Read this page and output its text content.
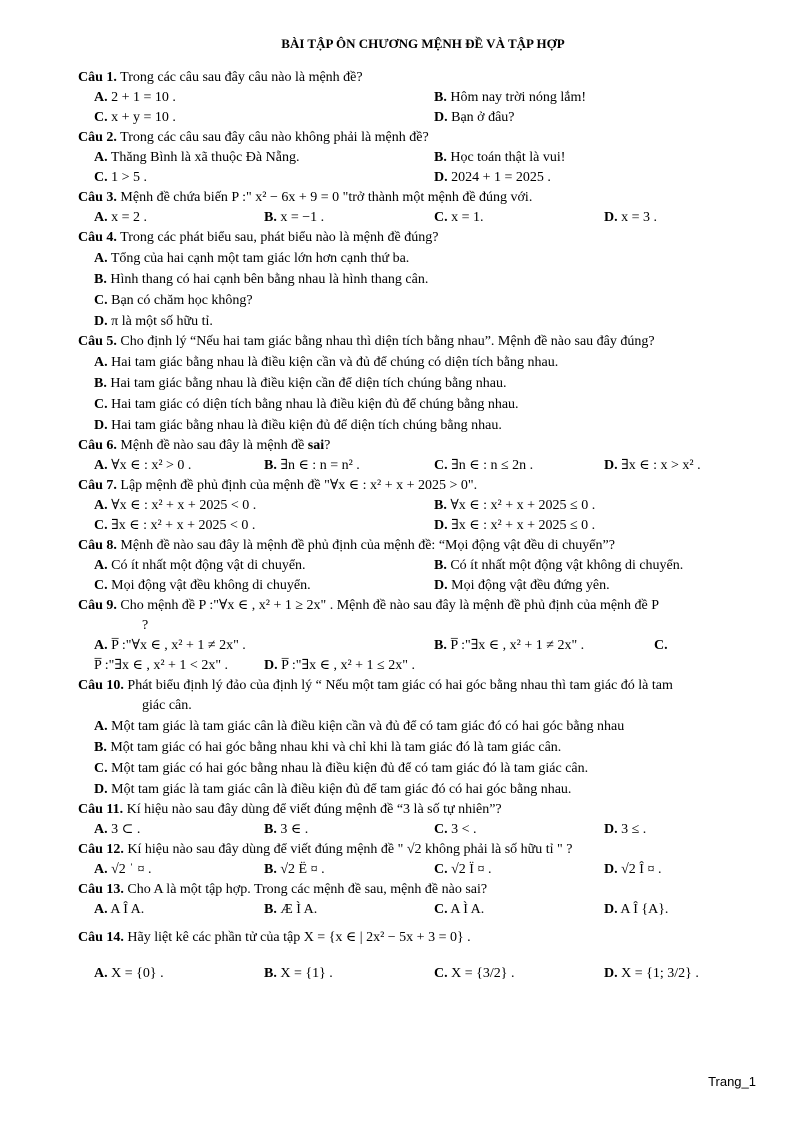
BÀI TẬP ÔN CHƯƠNG MỆNH ĐỀ VÀ TẬP HỢP
Câu 1. Trong các câu sau đây câu nào là mệnh đề?
A. 2 + 1 = 10 .	B. Hôm nay trời nóng lắm!
C. x + y = 10 .	D. Bạn ở đâu?
Câu 2. Trong các câu sau đây câu nào không phải là mệnh đề?
A. Thăng Bình là xã thuộc Đà Nẵng.	B. Học toán thật là vui!
C. 1 > 5 .	D. 2024 + 1 = 2025 .
Câu 3. Mệnh đề chứa biến P :" x² − 6x + 9 = 0 "trở thành một mệnh đề đúng với.
A. x = 2 .	B. x = −1 .	C. x = 1.	D. x = 3 .
Câu 4. Trong các phát biểu sau, phát biểu nào là mệnh đề đúng?
A. Tổng của hai cạnh một tam giác lớn hơn cạnh thứ ba.
B. Hình thang có hai cạnh bên bằng nhau là hình thang cân.
C. Bạn có chăm học không?
D. π là một số hữu tỉ.
Câu 5. Cho định lý “Nếu hai tam giác bằng nhau thì diện tích bằng nhau”. Mệnh đề nào sau đây đúng?
A. Hai tam giác bằng nhau là điều kiện cần và đủ để chúng có diện tích bằng nhau.
B. Hai tam giác bằng nhau là điều kiện cần để diện tích chúng bằng nhau.
C. Hai tam giác có diện tích bằng nhau là điều kiện đủ để chúng bằng nhau.
D. Hai tam giác bằng nhau là điều kiện đủ để diện tích chúng bằng nhau.
Câu 6. Mệnh đề nào sau đây là mệnh đề sai?
A. ∀x ∈ : x² > 0 .	B. ∃n ∈ : n = n² .	C. ∃n ∈ : n ≤ 2n .	D. ∃x ∈ : x > x² .
Câu 7. Lập mệnh đề phủ định của mệnh đề "∀x ∈ : x² + x + 2025 > 0".
A. ∀x ∈ : x² + x + 2025 < 0 .	B. ∀x ∈ : x² + x + 2025 ≤ 0 .
C. ∃x ∈ : x² + x + 2025 < 0 .	D. ∃x ∈ : x² + x + 2025 ≤ 0 .
Câu 8. Mệnh đề nào sau đây là mệnh đề phủ định của mệnh đề: “Mọi động vật đều di chuyển”?
A. Có ít nhất một động vật di chuyển.	B. Có ít nhất một động vật không di chuyển.
C. Mọi động vật đều không di chuyển.	D. Mọi động vật đều đứng yên.
Câu 9. Cho mệnh đề P :"∀x ∈ , x² + 1 ≥ 2x" . Mệnh đề nào sau đây là mệnh đề phủ định của mệnh đề P
?
A. P̅ :"∀x ∈ , x² + 1 ≠ 2x" .	B. P̅ :"∃x ∈ , x² + 1 ≠ 2x" .	C.
P̅ :"∃x ∈ , x² + 1 < 2x" .	D. P̅ :"∃x ∈ , x² + 1 ≤ 2x" .
Câu 10. Phát biểu định lý đảo của định lý “ Nếu một tam giác có hai góc bằng nhau thì tam giác đó là tam
giác cân.
A. Một tam giác là tam giác cân là điều kiện cần và đủ để có tam giác đó có hai góc bằng nhau
B. Một tam giác có hai góc bằng nhau khi và chỉ khi là tam giác đó là tam giác cân.
C. Một tam giác có hai góc bằng nhau là điều kiện đủ để có tam giác đó là tam giác cân.
D. Một tam giác là tam giác cân là điều kiện đủ để tam giác đó có hai góc bằng nhau.
Câu 11. Kí hiệu nào sau đây dùng để viết đúng mệnh đề “3 là số tự nhiên”?
A. 3 ⊂ .	B. 3 ∈ .	C. 3 < .	D. 3 ≤ .
Câu 12. Kí hiệu nào sau đây dùng để viết đúng mệnh đề " √2 không phải là số hữu tỉ " ?
A. √2 ˈ ¤ .	B. √2 Ë ¤ .	C. √2 Ï ¤ .	D. √2 Î ¤ .
Câu 13. Cho A là một tập hợp. Trong các mệnh đề sau, mệnh đề nào sai?
A. A Î A.	B. Æ Ì A.	C. A Ì A.	D. A Î {A}.
Câu 14. Hãy liệt kê các phần tử của tập X = {x ∈ | 2x² − 5x + 3 = 0} .
A. X = {0} .	B. X = {1} .	C. X = {3/2} .	D. X = {1; 3/2} .
Trang_1
